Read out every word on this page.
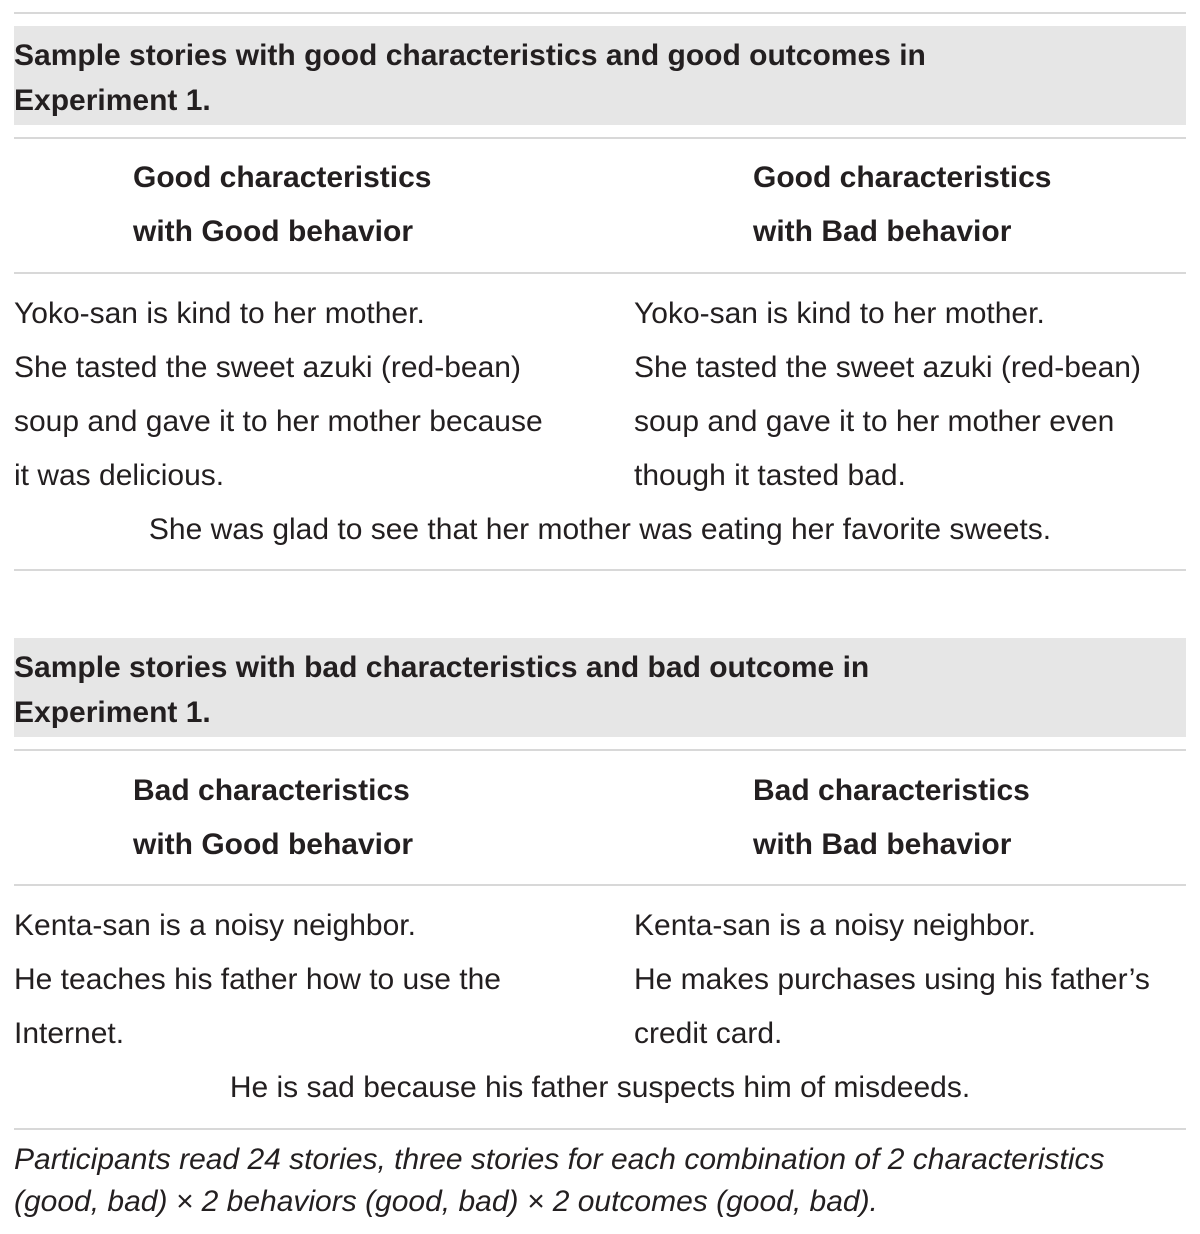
Sample stories with good characteristics and good outcomes in

Experiment 1.

Good characteristics
with Good behavior
Good characteristics
with Bad behavior
Yoko-san is kind to her mother.
She tasted the sweet azuki (red-bean)
soup and gave it to her mother because
it was delicious.
Yoko-san is kind to her mother.
She tasted the sweet azuki (red-bean)
soup and gave it to her mother even
though it tasted bad.
She was glad to see that her mother was eating her favorite sweets.

Sample stories with bad characteristics and bad outcome in

Experiment 1.

Bad characteristics
with Good behavior
Bad characteristics
with Bad behavior
Kenta-san is a noisy neighbor.
He teaches his father how to use the
Internet.
Kenta-san is a noisy neighbor.
He makes purchases using his father’s
credit card.
He is sad because his father suspects him of misdeeds.
Participants read 24 stories, three stories for each combination of 2 characteristics
(good, bad) × 2 behaviors (good, bad) × 2 outcomes (good, bad).
